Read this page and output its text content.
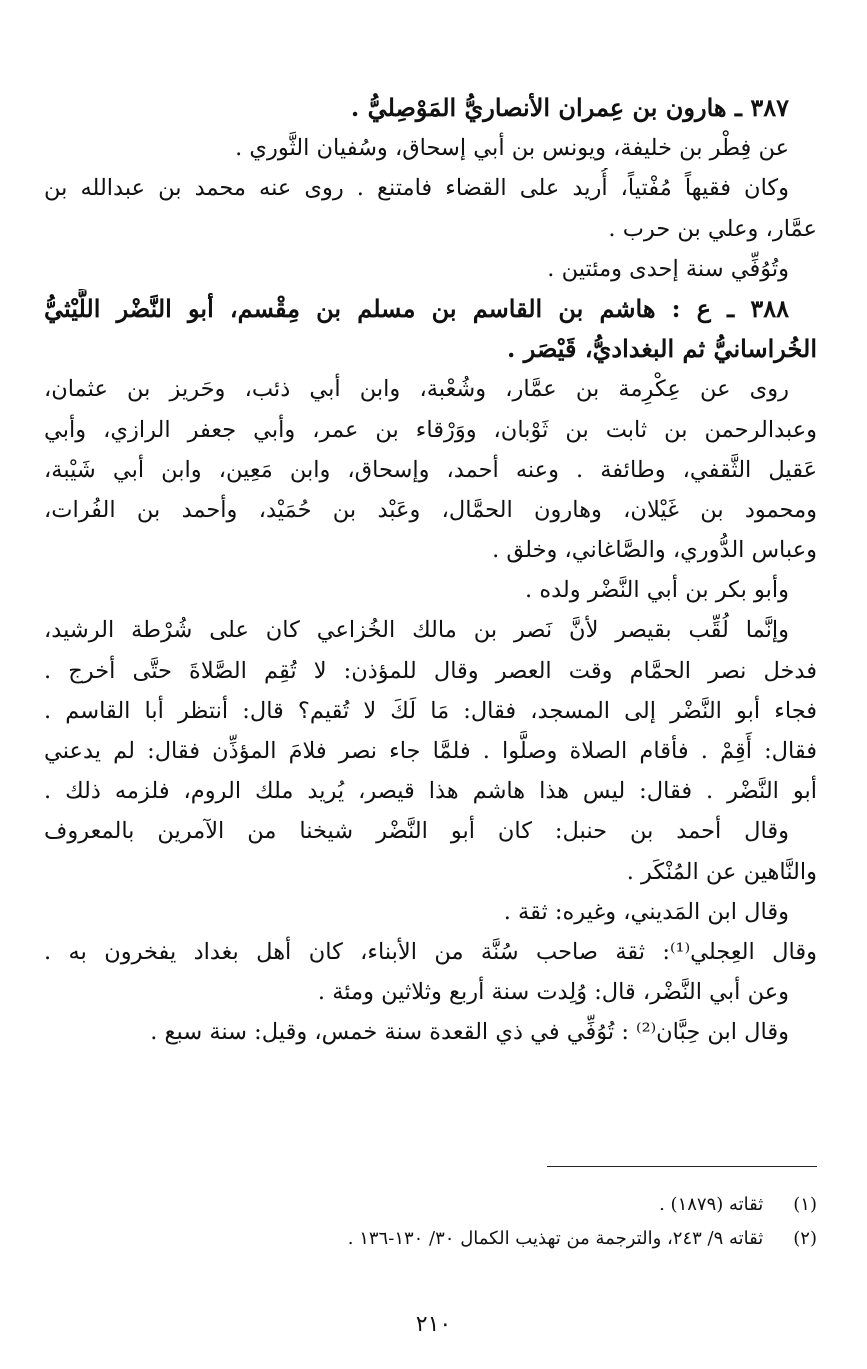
٣٨٧ ـ هارون بن عِمران الأنصاريُّ المَوْصِليُّ .
عن فِطْر بن خليفة، ويونس بن أبي إسحاق، وسُفيان الثَّوري .
وكان فقيهاً مُفْتياً، أُريد على القضاء فامتنع . روى عنه محمد بن عبدالله بن
عمَّار، وعلي بن حرب .
وتُوُفِّي سنة إحدى ومئتين .
٣٨٨ ـ ع : هاشم بن القاسم بن مسلم بن مِقْسم، أبو النَّضْر اللَّيْثيُّ
الخُراسانيُّ ثم البغداديُّ، قَيْصَر .
روى عن عِكْرِمة بن عمَّار، وشُعْبة، وابن أبي ذئب، وحَريز بن عثمان،
وعبدالرحمن بن ثابت بن ثَوْبان، ووَرْقاء بن عمر، وأبي جعفر الرازي، وأبي
عَقيل الثَّقفي، وطائفة . وعنه أحمد، وإسحاق، وابن مَعِين، وابن أبي شَيْبة،
ومحمود بن غَيْلان، وهارون الحمَّال، وعَبْد بن حُمَيْد، وأحمد بن الفُرات،
وعباس الدُّوري، والصَّاغاني، وخلق .
وأبو بكر بن أبي النَّضْر ولده .
وإنَّما لُقِّب بقيصر لأنَّ نَصر بن مالك الخُزاعي كان على شُرْطة الرشيد،
فدخل نصر الحمَّام وقت العصر وقال للمؤذن: لا تُقِم الصَّلاةَ حتَّى أخرج .
فجاء أبو النَّضْر إلى المسجد، فقال: مَا لَكَ لا تُقيم؟ قال: أنتظر أبا القاسم .
فقال: أَقِمْ . فأقام الصلاة وصلَّوا . فلمَّا جاء نصر فلامَ المؤذِّن فقال: لم يدعني
أبو النَّضْر . فقال: ليس هذا هاشم هذا قيصر، يُريد ملك الروم، فلزمه ذلك .
وقال أحمد بن حنبل: كان أبو النَّضْر شيخنا من الآمرين بالمعروف
والنَّاهين عن المُنْكَر .
وقال ابن المَديني، وغيره: ثقة .
وقال العِجلي⁽¹⁾: ثقة صاحب سُنَّة من الأبناء، كان أهل بغداد يفخرون به .
وعن أبي النَّضْر، قال: وُلِدت سنة أربع وثلاثين ومئة .
وقال ابن حِبَّان⁽²⁾ : تُوُفِّي في ذي القعدة سنة خمس، وقيل: سنة سبع .
(١) ثقاته (١٨٧٩) .
(٢) ثقاته ٩/ ٢٤٣، والترجمة من تهذيب الكمال ٣٠/ ١٣٠-١٣٦ .
٢١٠
